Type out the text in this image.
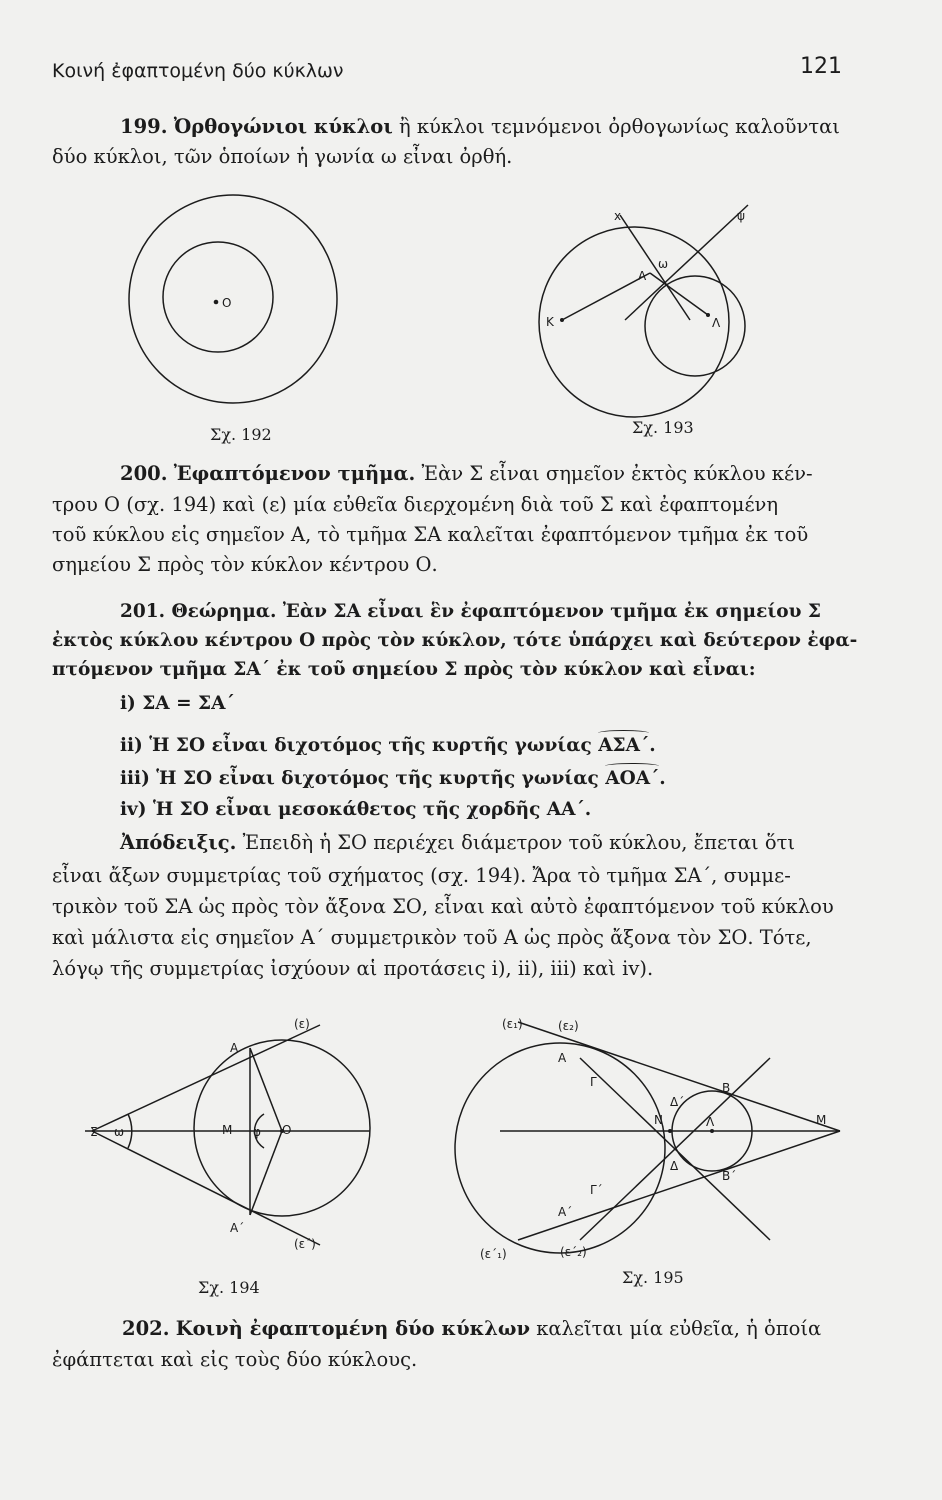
Κοινή ἐφαπτομένη δύο κύκλων	121
199. Ὀρθογώνιοι κύκλοι ἢ κύκλοι τεμνόμενοι ὀρθογωνίως καλοῦνται
δύο κύκλοι, τῶν ὁποίων ἡ γωνία ω εἶναι ὀρθή.
O
Σχ. 192
x	ψ
ω
A
K	Λ
Σχ. 193
200. Ἐφαπτόμενον τμῆμα. Ἐὰν Σ εἶναι σημεῖον ἐκτὸς κύκλου κέν-
τρου Ο (σχ. 194) καὶ (ε) μία εὐθεῖα διερχομένη διὰ τοῦ Σ καὶ ἐφαπτομένη
τοῦ κύκλου εἰς σημεῖον Α, τὸ τμῆμα ΣΑ καλεῖται ἐφαπτόμενον τμῆμα ἐκ τοῦ
σημείου Σ πρὸς τὸν κύκλον κέντρου Ο.
201. Θεώρημα. Ἐὰν ΣΑ εἶναι ἓν ἐφαπτόμενον τμῆμα ἐκ σημείου Σ
ἐκτὸς κύκλου κέντρου Ο πρὸς τὸν κύκλον, τότε ὑπάρχει καὶ δεύτερον ἐφα-
πτόμενον τμῆμα ΣΑ΄ ἐκ τοῦ σημείου Σ πρὸς τὸν κύκλον καὶ εἶναι:
i) ΣΑ = ΣΑ΄
ii) Ἡ ΣΟ εἶναι διχοτόμος τῆς κυρτῆς γωνίας ΑΣΑ΄.
iii) Ἡ ΣΟ εἶναι διχοτόμος τῆς κυρτῆς γωνίας ΑΟΑ΄.
iv) Ἡ ΣΟ εἶναι μεσοκάθετος τῆς χορδῆς ΑΑ΄.
Ἀπόδειξις. Ἐπειδὴ ἡ ΣΟ περιέχει διάμετρον τοῦ κύκλου, ἔπεται ὅτι
εἶναι ἄξων συμμετρίας τοῦ σχήματος (σχ. 194). Ἄρα τὸ τμῆμα ΣΑ΄, συμμε-
τρικὸν τοῦ ΣΑ ὡς πρὸς τὸν ἄξονα ΣΟ, εἶναι καὶ αὐτὸ ἐφαπτόμενον τοῦ κύκλου
καὶ μάλιστα εἰς σημεῖον Α΄ συμμετρικὸν τοῦ Α ὡς πρὸς ἄξονα τὸν ΣΟ. Τότε,
λόγῳ τῆς συμμετρίας ἰσχύουν αἱ προτάσεις i), ii), iii) καὶ iv).
(ε)
(ε΄)
A
A΄
Σ	M	O
ω	φ
Σχ. 194
(ε₁)	(ε₂)
(ε΄₁)	(ε΄₂)
A
Γ
Δ΄
B
N	Λ	M
Δ
B΄
Γ΄
A΄
Σχ. 195
202. Κοινὴ ἐφαπτομένη δύο κύκλων καλεῖται μία εὐθεῖα, ἡ ὁποία
ἐφάπτεται καὶ εἰς τοὺς δύο κύκλους.
